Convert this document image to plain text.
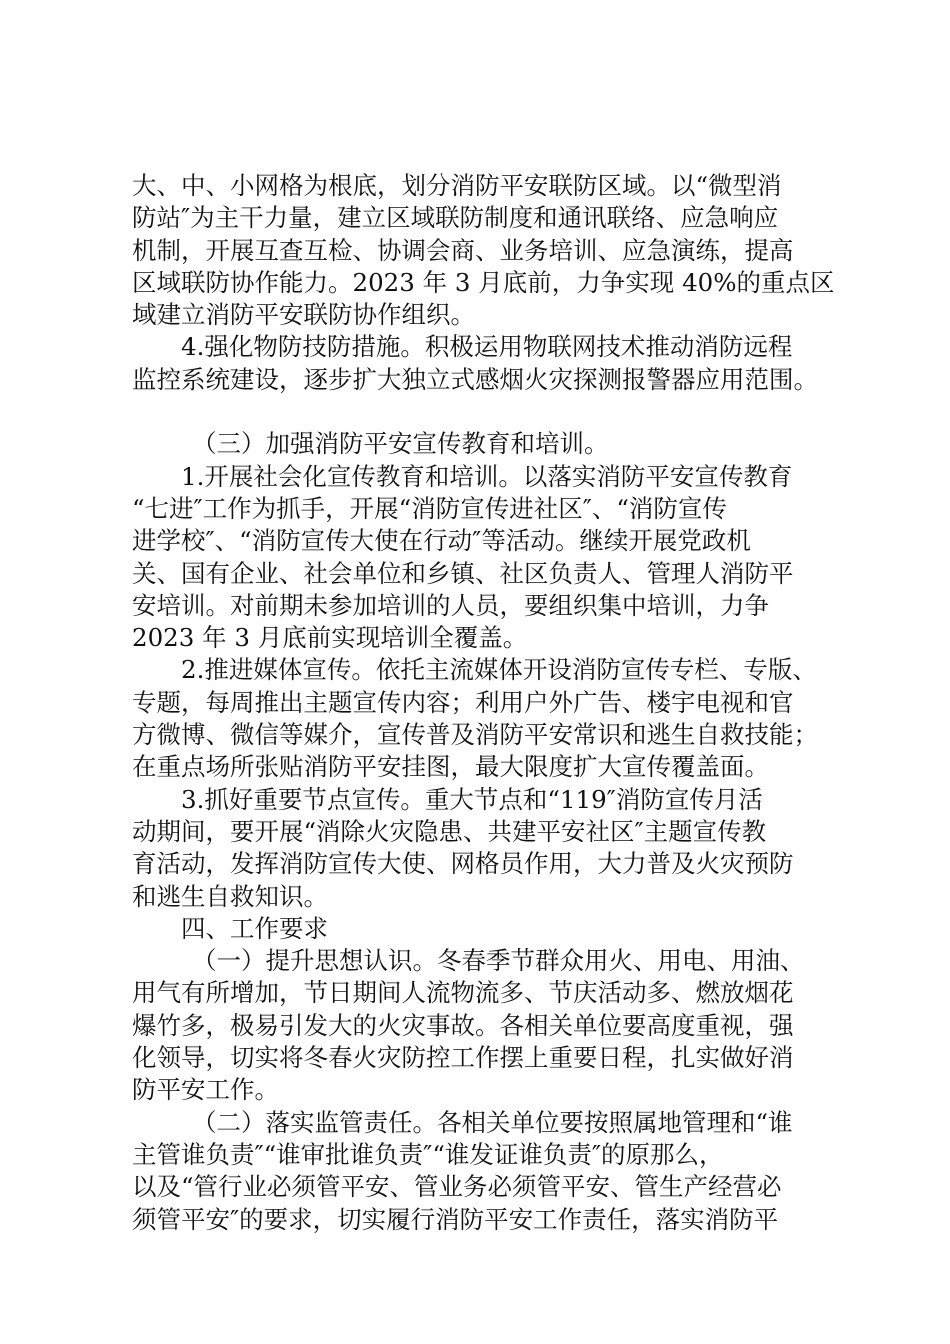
大、中、小网格为根底，划分消防平安联防区域。以“微型消
防站″为主干力量，建立区域联防制度和通讯联络、应急响应
机制，开展互查互检、协调会商、业务培训、应急演练，提高
区域联防协作能力。2023 年 3 月底前，力争实现 40%的重点区
域建立消防平安联防协作组织。
4.强化物防技防措施。积极运用物联网技术推动消防远程
监控系统建设，逐步扩大独立式感烟火灾探测报警器应用范围。
（三）加强消防平安宣传教育和培训。
1.开展社会化宣传教育和培训。以落实消防平安宣传教育
“七进″工作为抓手，开展“消防宣传进社区″、“消防宣传
进学校″、“消防宣传大使在行动″等活动。继续开展党政机
关、国有企业、社会单位和乡镇、社区负责人、管理人消防平
安培训。对前期未参加培训的人员，要组织集中培训，力争
2023 年 3 月底前实现培训全覆盖。
2.推进媒体宣传。依托主流媒体开设消防宣传专栏、专版、
专题，每周推出主题宣传内容；利用户外广告、楼宇电视和官
方微博、微信等媒介，宣传普及消防平安常识和逃生自救技能；
在重点场所张贴消防平安挂图，最大限度扩大宣传覆盖面。
3.抓好重要节点宣传。重大节点和“119″消防宣传月活
动期间，要开展“消除火灾隐患、共建平安社区″主题宣传教
育活动，发挥消防宣传大使、网格员作用，大力普及火灾预防
和逃生自救知识。
四、工作要求
（一）提升思想认识。冬春季节群众用火、用电、用油、
用气有所增加，节日期间人流物流多、节庆活动多、燃放烟花
爆竹多，极易引发大的火灾事故。各相关单位要高度重视，强
化领导，切实将冬春火灾防控工作摆上重要日程，扎实做好消
防平安工作。
（二）落实监管责任。各相关单位要按照属地管理和“谁
主管谁负责″“谁审批谁负责″“谁发证谁负责″的原那么，
以及“管行业必须管平安、管业务必须管平安、管生产经营必
须管平安″的要求，切实履行消防平安工作责任，落实消防平
